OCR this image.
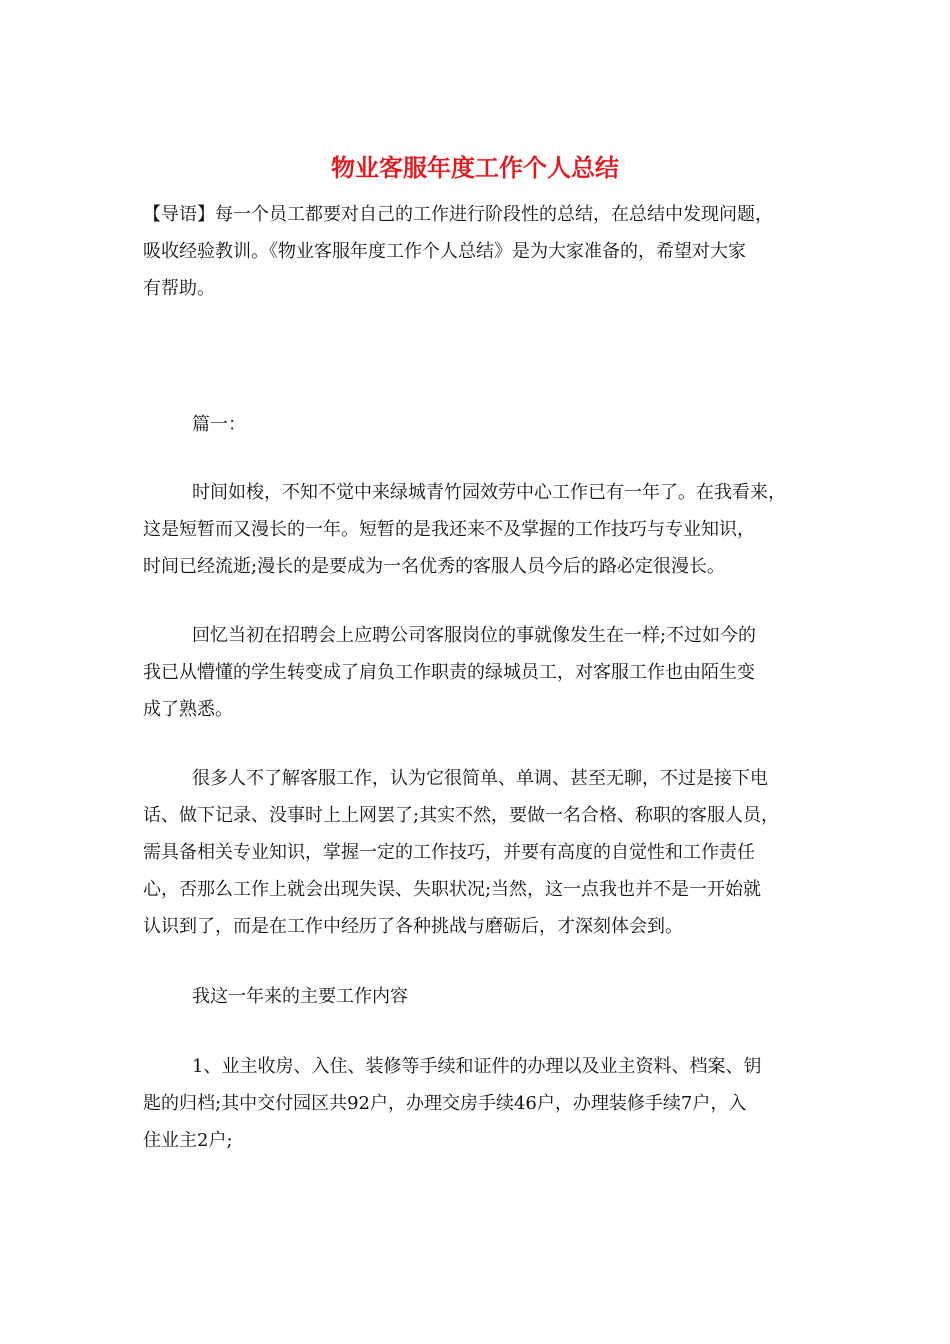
物业客服年度工作个人总结
【导语】每一个员工都要对自己的工作进行阶段性的总结，在总结中发现问题，
吸收经验教训。《物业客服年度工作个人总结》是为大家准备的，希望对大家
有帮助。
篇一：
时间如梭，不知不觉中来绿城青竹园效劳中心工作已有一年了。在我看来，
这是短暂而又漫长的一年。短暂的是我还来不及掌握的工作技巧与专业知识，
时间已经流逝;漫长的是要成为一名优秀的客服人员今后的路必定很漫长。
回忆当初在招聘会上应聘公司客服岗位的事就像发生在一样;不过如今的
我已从懵懂的学生转变成了肩负工作职责的绿城员工，对客服工作也由陌生变
成了熟悉。
很多人不了解客服工作，认为它很简单、单调、甚至无聊，不过是接下电
话、做下记录、没事时上上网罢了;其实不然，要做一名合格、称职的客服人员，
需具备相关专业知识，掌握一定的工作技巧，并要有高度的自觉性和工作责任
心，否那么工作上就会出现失误、失职状况;当然，这一点我也并不是一开始就
认识到了，而是在工作中经历了各种挑战与磨砺后，才深刻体会到。
我这一年来的主要工作内容
1、业主收房、入住、装修等手续和证件的办理以及业主资料、档案、钥
匙的归档;其中交付园区共92户，办理交房手续46户，办理装修手续7户，入
住业主2户;
